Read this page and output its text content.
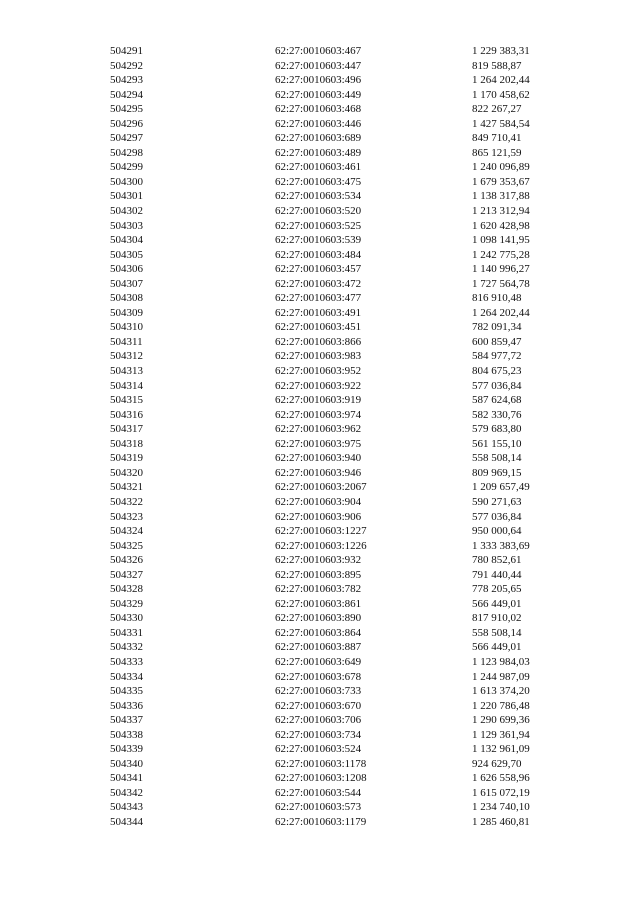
504291	62:27:0010603:467	1 229 383,31
504292	62:27:0010603:447	819 588,87
504293	62:27:0010603:496	1 264 202,44
504294	62:27:0010603:449	1 170 458,62
504295	62:27:0010603:468	822 267,27
504296	62:27:0010603:446	1 427 584,54
504297	62:27:0010603:689	849 710,41
504298	62:27:0010603:489	865 121,59
504299	62:27:0010603:461	1 240 096,89
504300	62:27:0010603:475	1 679 353,67
504301	62:27:0010603:534	1 138 317,88
504302	62:27:0010603:520	1 213 312,94
504303	62:27:0010603:525	1 620 428,98
504304	62:27:0010603:539	1 098 141,95
504305	62:27:0010603:484	1 242 775,28
504306	62:27:0010603:457	1 140 996,27
504307	62:27:0010603:472	1 727 564,78
504308	62:27:0010603:477	816 910,48
504309	62:27:0010603:491	1 264 202,44
504310	62:27:0010603:451	782 091,34
504311	62:27:0010603:866	600 859,47
504312	62:27:0010603:983	584 977,72
504313	62:27:0010603:952	804 675,23
504314	62:27:0010603:922	577 036,84
504315	62:27:0010603:919	587 624,68
504316	62:27:0010603:974	582 330,76
504317	62:27:0010603:962	579 683,80
504318	62:27:0010603:975	561 155,10
504319	62:27:0010603:940	558 508,14
504320	62:27:0010603:946	809 969,15
504321	62:27:0010603:2067	1 209 657,49
504322	62:27:0010603:904	590 271,63
504323	62:27:0010603:906	577 036,84
504324	62:27:0010603:1227	950 000,64
504325	62:27:0010603:1226	1 333 383,69
504326	62:27:0010603:932	780 852,61
504327	62:27:0010603:895	791 440,44
504328	62:27:0010603:782	778 205,65
504329	62:27:0010603:861	566 449,01
504330	62:27:0010603:890	817 910,02
504331	62:27:0010603:864	558 508,14
504332	62:27:0010603:887	566 449,01
504333	62:27:0010603:649	1 123 984,03
504334	62:27:0010603:678	1 244 987,09
504335	62:27:0010603:733	1 613 374,20
504336	62:27:0010603:670	1 220 786,48
504337	62:27:0010603:706	1 290 699,36
504338	62:27:0010603:734	1 129 361,94
504339	62:27:0010603:524	1 132 961,09
504340	62:27:0010603:1178	924 629,70
504341	62:27:0010603:1208	1 626 558,96
504342	62:27:0010603:544	1 615 072,19
504343	62:27:0010603:573	1 234 740,10
504344	62:27:0010603:1179	1 285 460,81
